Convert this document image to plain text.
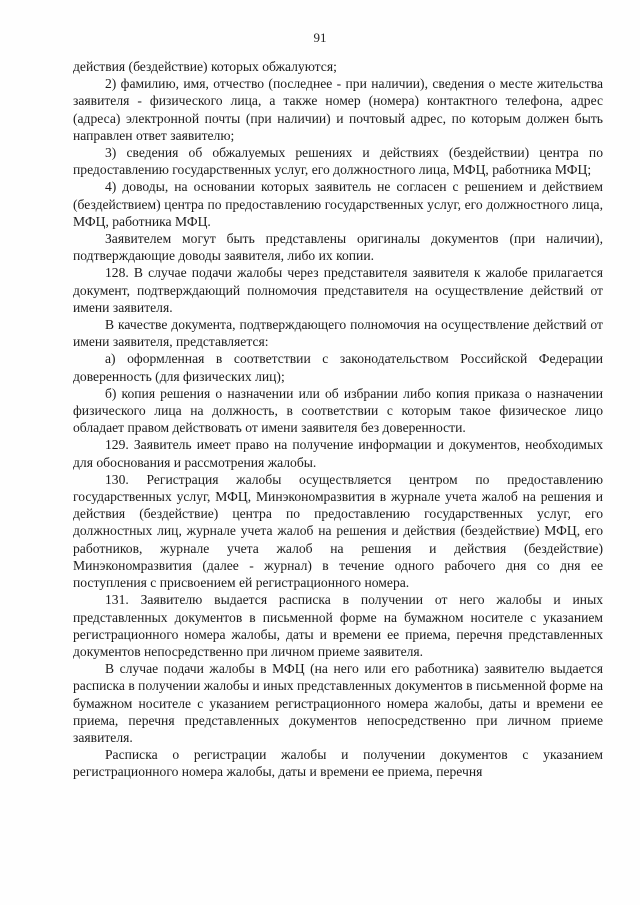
91

действия (бездействие) которых обжалуются;

2) фамилию, имя, отчество (последнее - при наличии), сведения о месте жительства заявителя - физического лица, а также номер (номера) контактного телефона, адрес (адреса) электронной почты (при наличии) и почтовый адрес, по которым должен быть направлен ответ заявителю;

3) сведения об обжалуемых решениях и действиях (бездействии) центра по предоставлению государственных услуг, его должностного лица, МФЦ, работника МФЦ;

4) доводы, на основании которых заявитель не согласен с решением и действием (бездействием) центра по предоставлению государственных услуг, его должностного лица, МФЦ, работника МФЦ.

Заявителем могут быть представлены оригиналы документов (при наличии), подтверждающие доводы заявителя, либо их копии.

128. В случае подачи жалобы через представителя заявителя к жалобе прилагается документ, подтверждающий полномочия представителя на осуществление действий от имени заявителя.

В качестве документа, подтверждающего полномочия на осуществление действий от имени заявителя, представляется:

а) оформленная в соответствии с законодательством Российской Федерации доверенность (для физических лиц);

б) копия решения о назначении или об избрании либо копия приказа о назначении физического лица на должность, в соответствии с которым такое физическое лицо обладает правом действовать от имени заявителя без доверенности.

129. Заявитель имеет право на получение информации и документов, необходимых для обоснования и рассмотрения жалобы.

130. Регистрация жалобы осуществляется центром по предоставлению государственных услуг, МФЦ, Минэкономразвития в журнале учета жалоб на решения и действия (бездействие) центра по предоставлению государственных услуг, его должностных лиц, журнале учета жалоб на решения и действия (бездействие) МФЦ, его работников, журнале учета жалоб на решения и действия (бездействие) Минэкономразвития (далее - журнал) в течение одного рабочего дня со дня ее поступления с присвоением ей регистрационного номера.

131. Заявителю выдается расписка в получении от него жалобы и иных представленных документов в письменной форме на бумажном носителе с указанием регистрационного номера жалобы, даты и времени ее приема, перечня представленных документов непосредственно при личном приеме заявителя.

В случае подачи жалобы в МФЦ (на него или его работника) заявителю выдается расписка в получении жалобы и иных представленных документов в письменной форме на бумажном носителе с указанием регистрационного номера жалобы, даты и времени ее приема, перечня представленных документов непосредственно при личном приеме заявителя.

Расписка о регистрации жалобы и получении документов с указанием регистрационного номера жалобы, даты и времени ее приема, перечня
